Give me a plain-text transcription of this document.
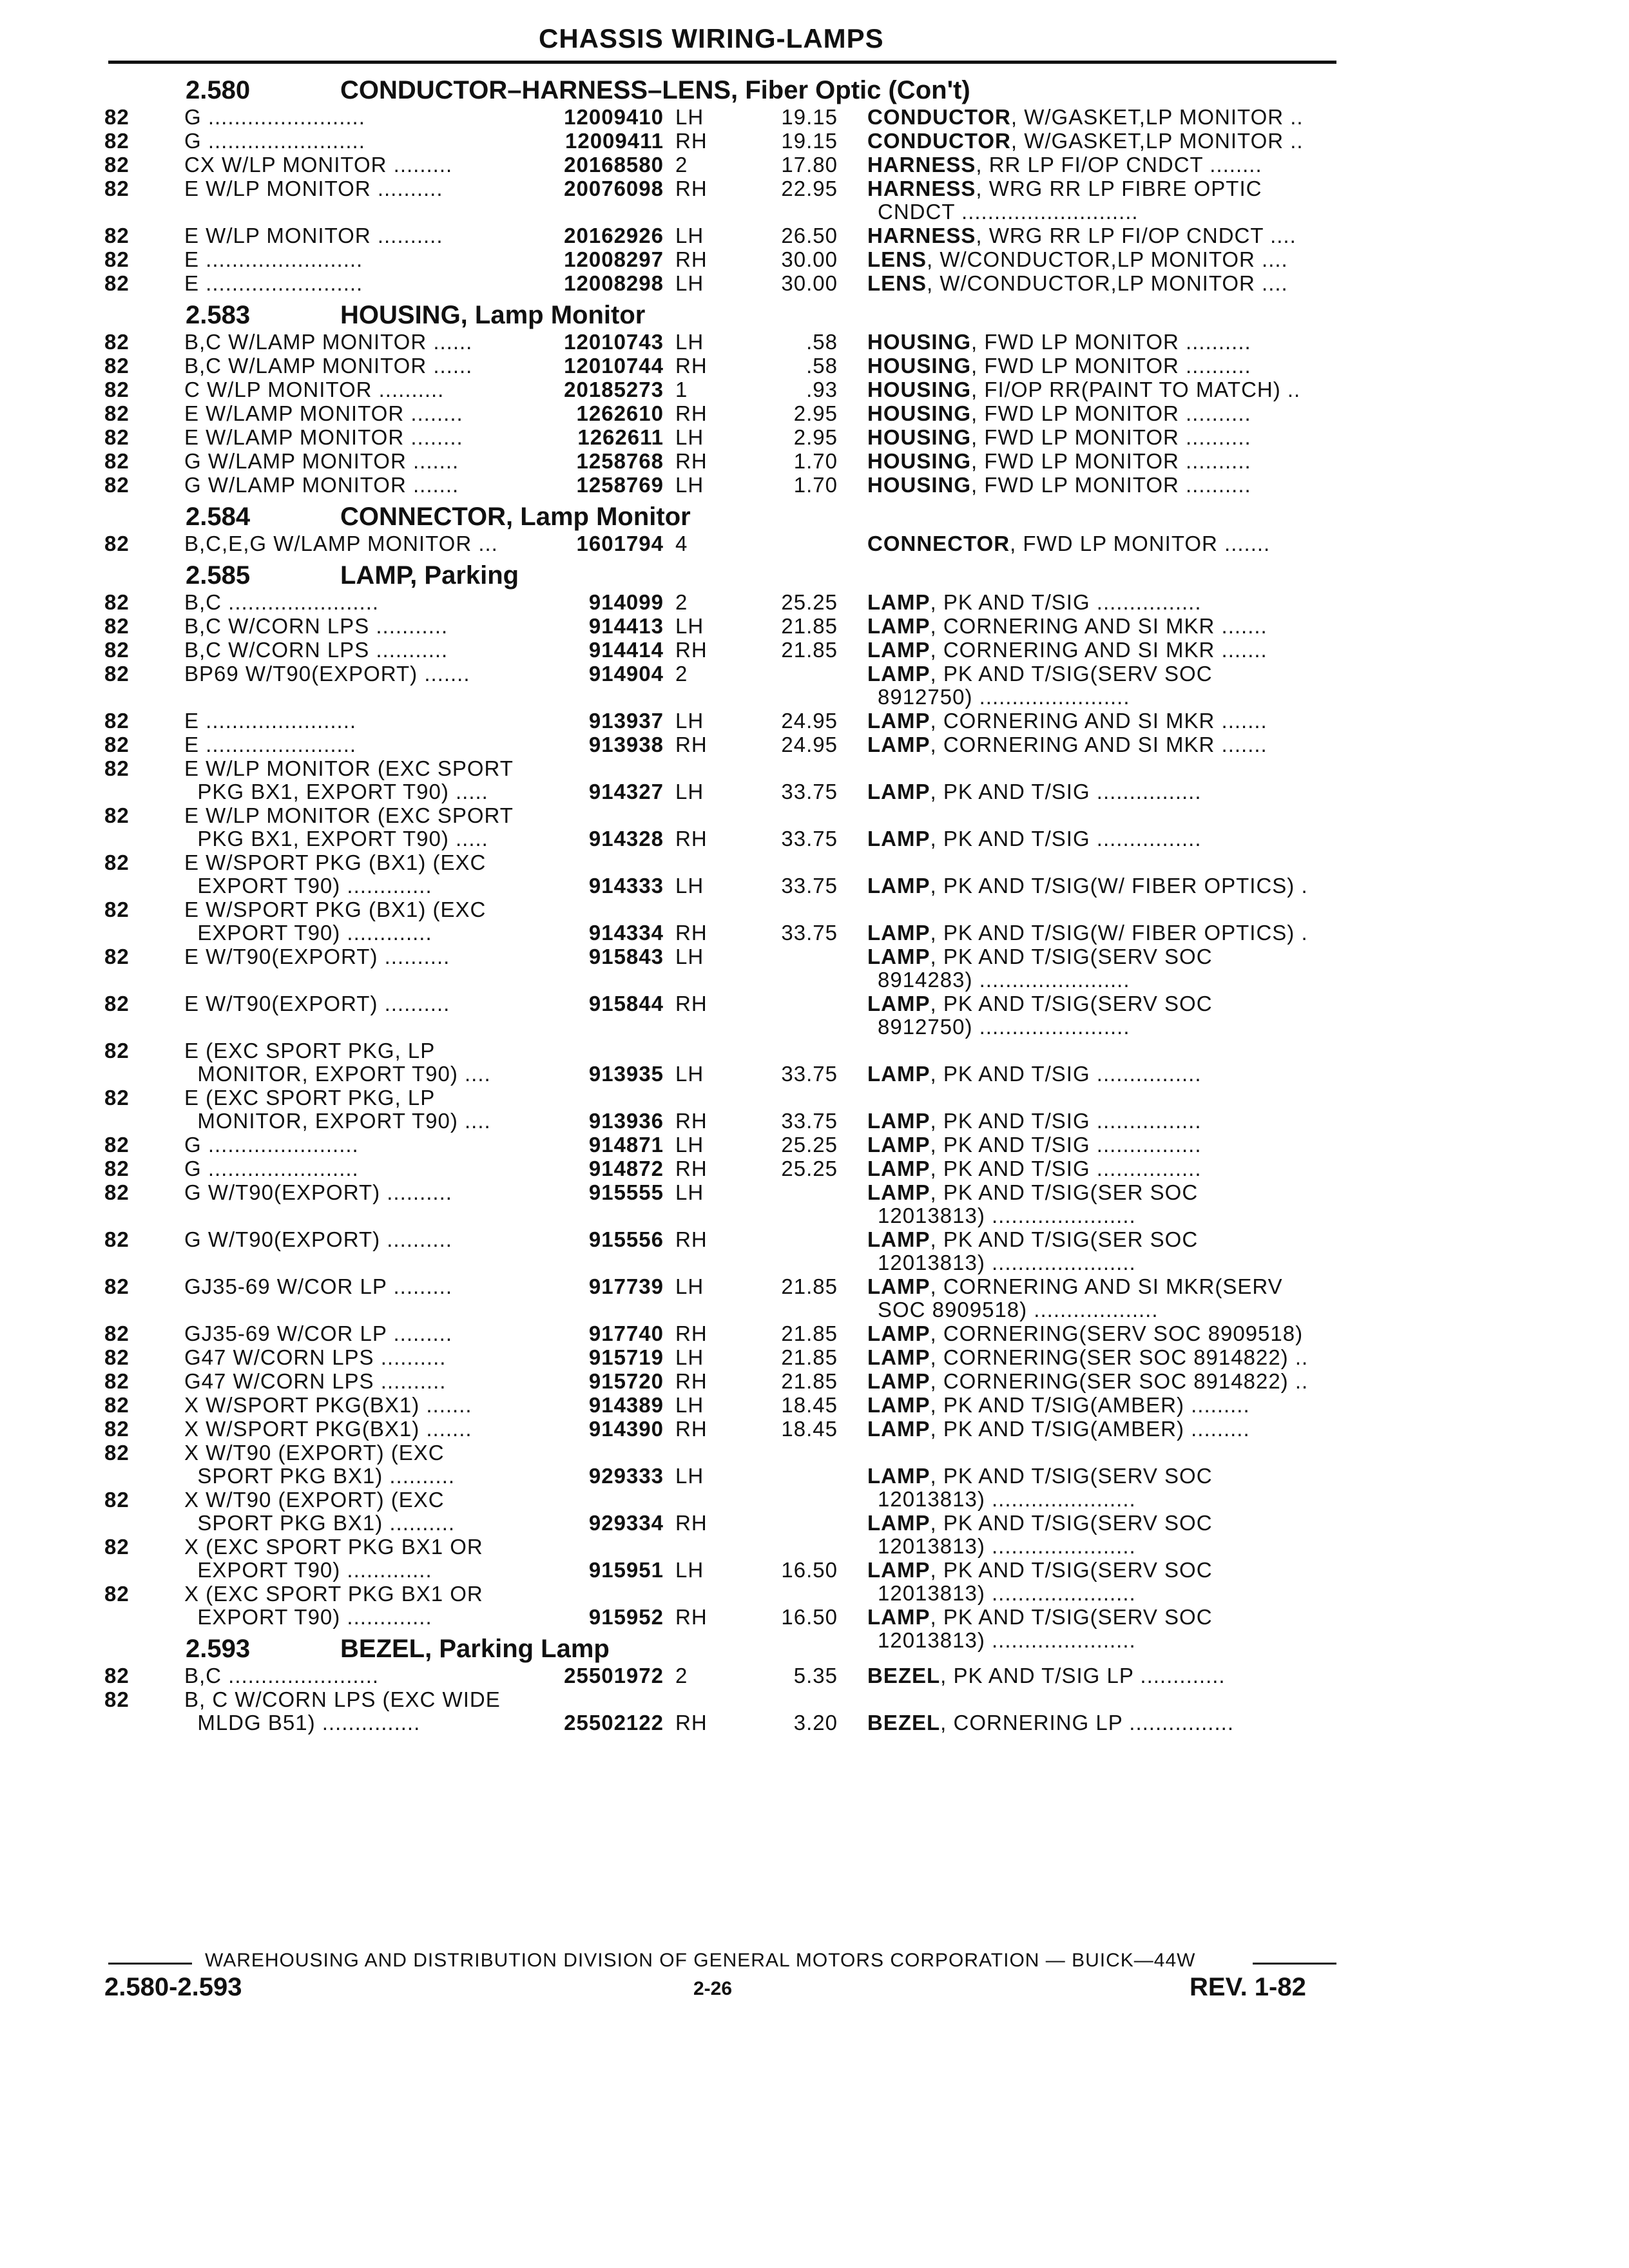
CHASSIS WIRING-LAMPS
2.580	CONDUCTOR–HARNESS–LENS, Fiber Optic (Con't)
82	G ........................	12009410 LH	19.15 CONDUCTOR, W/GASKET,LP MONITOR ..
82	G ........................	12009411 RH	19.15 CONDUCTOR, W/GASKET,LP MONITOR ..
82	CX W/LP MONITOR .........	20168580 2	17.80 HARNESS, RR LP FI/OP CNDCT ........
82	E W/LP MONITOR ..........	20076098 RH	22.95 HARNESS, WRG RR LP FIBRE OPTIC
CNDCT ...........................
82	E W/LP MONITOR ..........	20162926 LH	26.50 HARNESS, WRG RR LP FI/OP CNDCT ....
82	E ........................	12008297 RH	30.00 LENS, W/CONDUCTOR,LP MONITOR ....
82	E ........................	12008298 LH	30.00 LENS, W/CONDUCTOR,LP MONITOR ....
2.583	HOUSING, Lamp Monitor
82	B,C W/LAMP MONITOR ......	12010743 LH	.58 HOUSING, FWD LP MONITOR ..........
82	B,C W/LAMP MONITOR ......	12010744 RH	.58 HOUSING, FWD LP MONITOR ..........
82	C W/LP MONITOR ..........	20185273 1	.93 HOUSING, FI/OP RR(PAINT TO MATCH) ..
82	E W/LAMP MONITOR ........	1262610 RH	2.95 HOUSING, FWD LP MONITOR ..........
82	E W/LAMP MONITOR ........	1262611 LH	2.95 HOUSING, FWD LP MONITOR ..........
82	G W/LAMP MONITOR .......	1258768 RH	1.70 HOUSING, FWD LP MONITOR ..........
82	G W/LAMP MONITOR .......	1258769 LH	1.70 HOUSING, FWD LP MONITOR ..........
2.584	CONNECTOR, Lamp Monitor
82	B,C,E,G W/LAMP MONITOR ...	1601794 4	CONNECTOR, FWD LP MONITOR .......
2.585	LAMP, Parking
82	B,C .......................	914099 2	25.25 LAMP, PK AND T/SIG ................
82	B,C W/CORN LPS ...........	914413 LH	21.85 LAMP, CORNERING AND SI MKR .......
82	B,C W/CORN LPS ...........	914414 RH	21.85 LAMP, CORNERING AND SI MKR .......
82	BP69 W/T90(EXPORT) .......	914904 2	LAMP, PK AND T/SIG(SERV SOC
8912750) .......................
82	E .......................	913937 LH	24.95 LAMP, CORNERING AND SI MKR .......
82	E .......................	913938 RH	24.95 LAMP, CORNERING AND SI MKR .......
82	E W/LP MONITOR (EXC SPORT
PKG BX1, EXPORT T90) .....	914327 LH	33.75 LAMP, PK AND T/SIG ................
82	E W/LP MONITOR (EXC SPORT
PKG BX1, EXPORT T90) .....	914328 RH	33.75 LAMP, PK AND T/SIG ................
82	E W/SPORT PKG (BX1) (EXC
EXPORT T90) .............	914333 LH	33.75 LAMP, PK AND T/SIG(W/ FIBER OPTICS) .
82	E W/SPORT PKG (BX1) (EXC
EXPORT T90) .............	914334 RH	33.75 LAMP, PK AND T/SIG(W/ FIBER OPTICS) .
82	E W/T90(EXPORT) ..........	915843 LH	LAMP, PK AND T/SIG(SERV SOC
8914283) .......................
82	E W/T90(EXPORT) ..........	915844 RH	LAMP, PK AND T/SIG(SERV SOC
8912750) .......................
82	E (EXC SPORT PKG, LP
MONITOR, EXPORT T90) ....	913935 LH	33.75 LAMP, PK AND T/SIG ................
82	E (EXC SPORT PKG, LP
MONITOR, EXPORT T90) ....	913936 RH	33.75 LAMP, PK AND T/SIG ................
82	G .......................	914871 LH	25.25 LAMP, PK AND T/SIG ................
82	G .......................	914872 RH	25.25 LAMP, PK AND T/SIG ................
82	G W/T90(EXPORT) ..........	915555 LH	LAMP, PK AND T/SIG(SER SOC
12013813) ......................
82	G W/T90(EXPORT) ..........	915556 RH	LAMP, PK AND T/SIG(SER SOC
12013813) ......................
82	GJ35-69 W/COR LP .........	917739 LH	21.85 LAMP, CORNERING AND SI MKR(SERV
SOC 8909518) ...................
82	GJ35-69 W/COR LP .........	917740 RH	21.85 LAMP, CORNERING(SERV SOC 8909518)
82	G47 W/CORN LPS ..........	915719 LH	21.85 LAMP, CORNERING(SER SOC 8914822) ..
82	G47 W/CORN LPS ..........	915720 RH	21.85 LAMP, CORNERING(SER SOC 8914822) ..
82	X W/SPORT PKG(BX1) .......	914389 LH	18.45 LAMP, PK AND T/SIG(AMBER) .........
82	X W/SPORT PKG(BX1) .......	914390 RH	18.45 LAMP, PK AND T/SIG(AMBER) .........
82	X W/T90 (EXPORT) (EXC
SPORT PKG BX1) ..........	929333 LH	LAMP, PK AND T/SIG(SERV SOC
12013813) ......................
82	X W/T90 (EXPORT) (EXC
SPORT PKG BX1) ..........	929334 RH	LAMP, PK AND T/SIG(SERV SOC
12013813) ......................
82	X (EXC SPORT PKG BX1 OR
EXPORT T90) .............	915951 LH	16.50 LAMP, PK AND T/SIG(SERV SOC
12013813) ......................
82	X (EXC SPORT PKG BX1 OR
EXPORT T90) .............	915952 RH	16.50 LAMP, PK AND T/SIG(SERV SOC
12013813) ......................
2.593	BEZEL, Parking Lamp
82	B,C .......................	25501972 2	5.35 BEZEL, PK AND T/SIG LP .............
82	B, C W/CORN LPS (EXC WIDE
MLDG B51) ...............	25502122 RH	3.20 BEZEL, CORNERING LP ................
WAREHOUSING AND DISTRIBUTION DIVISION OF GENERAL MOTORS CORPORATION — BUICK—44W
2.580-2.593	2-26	REV. 1-82
